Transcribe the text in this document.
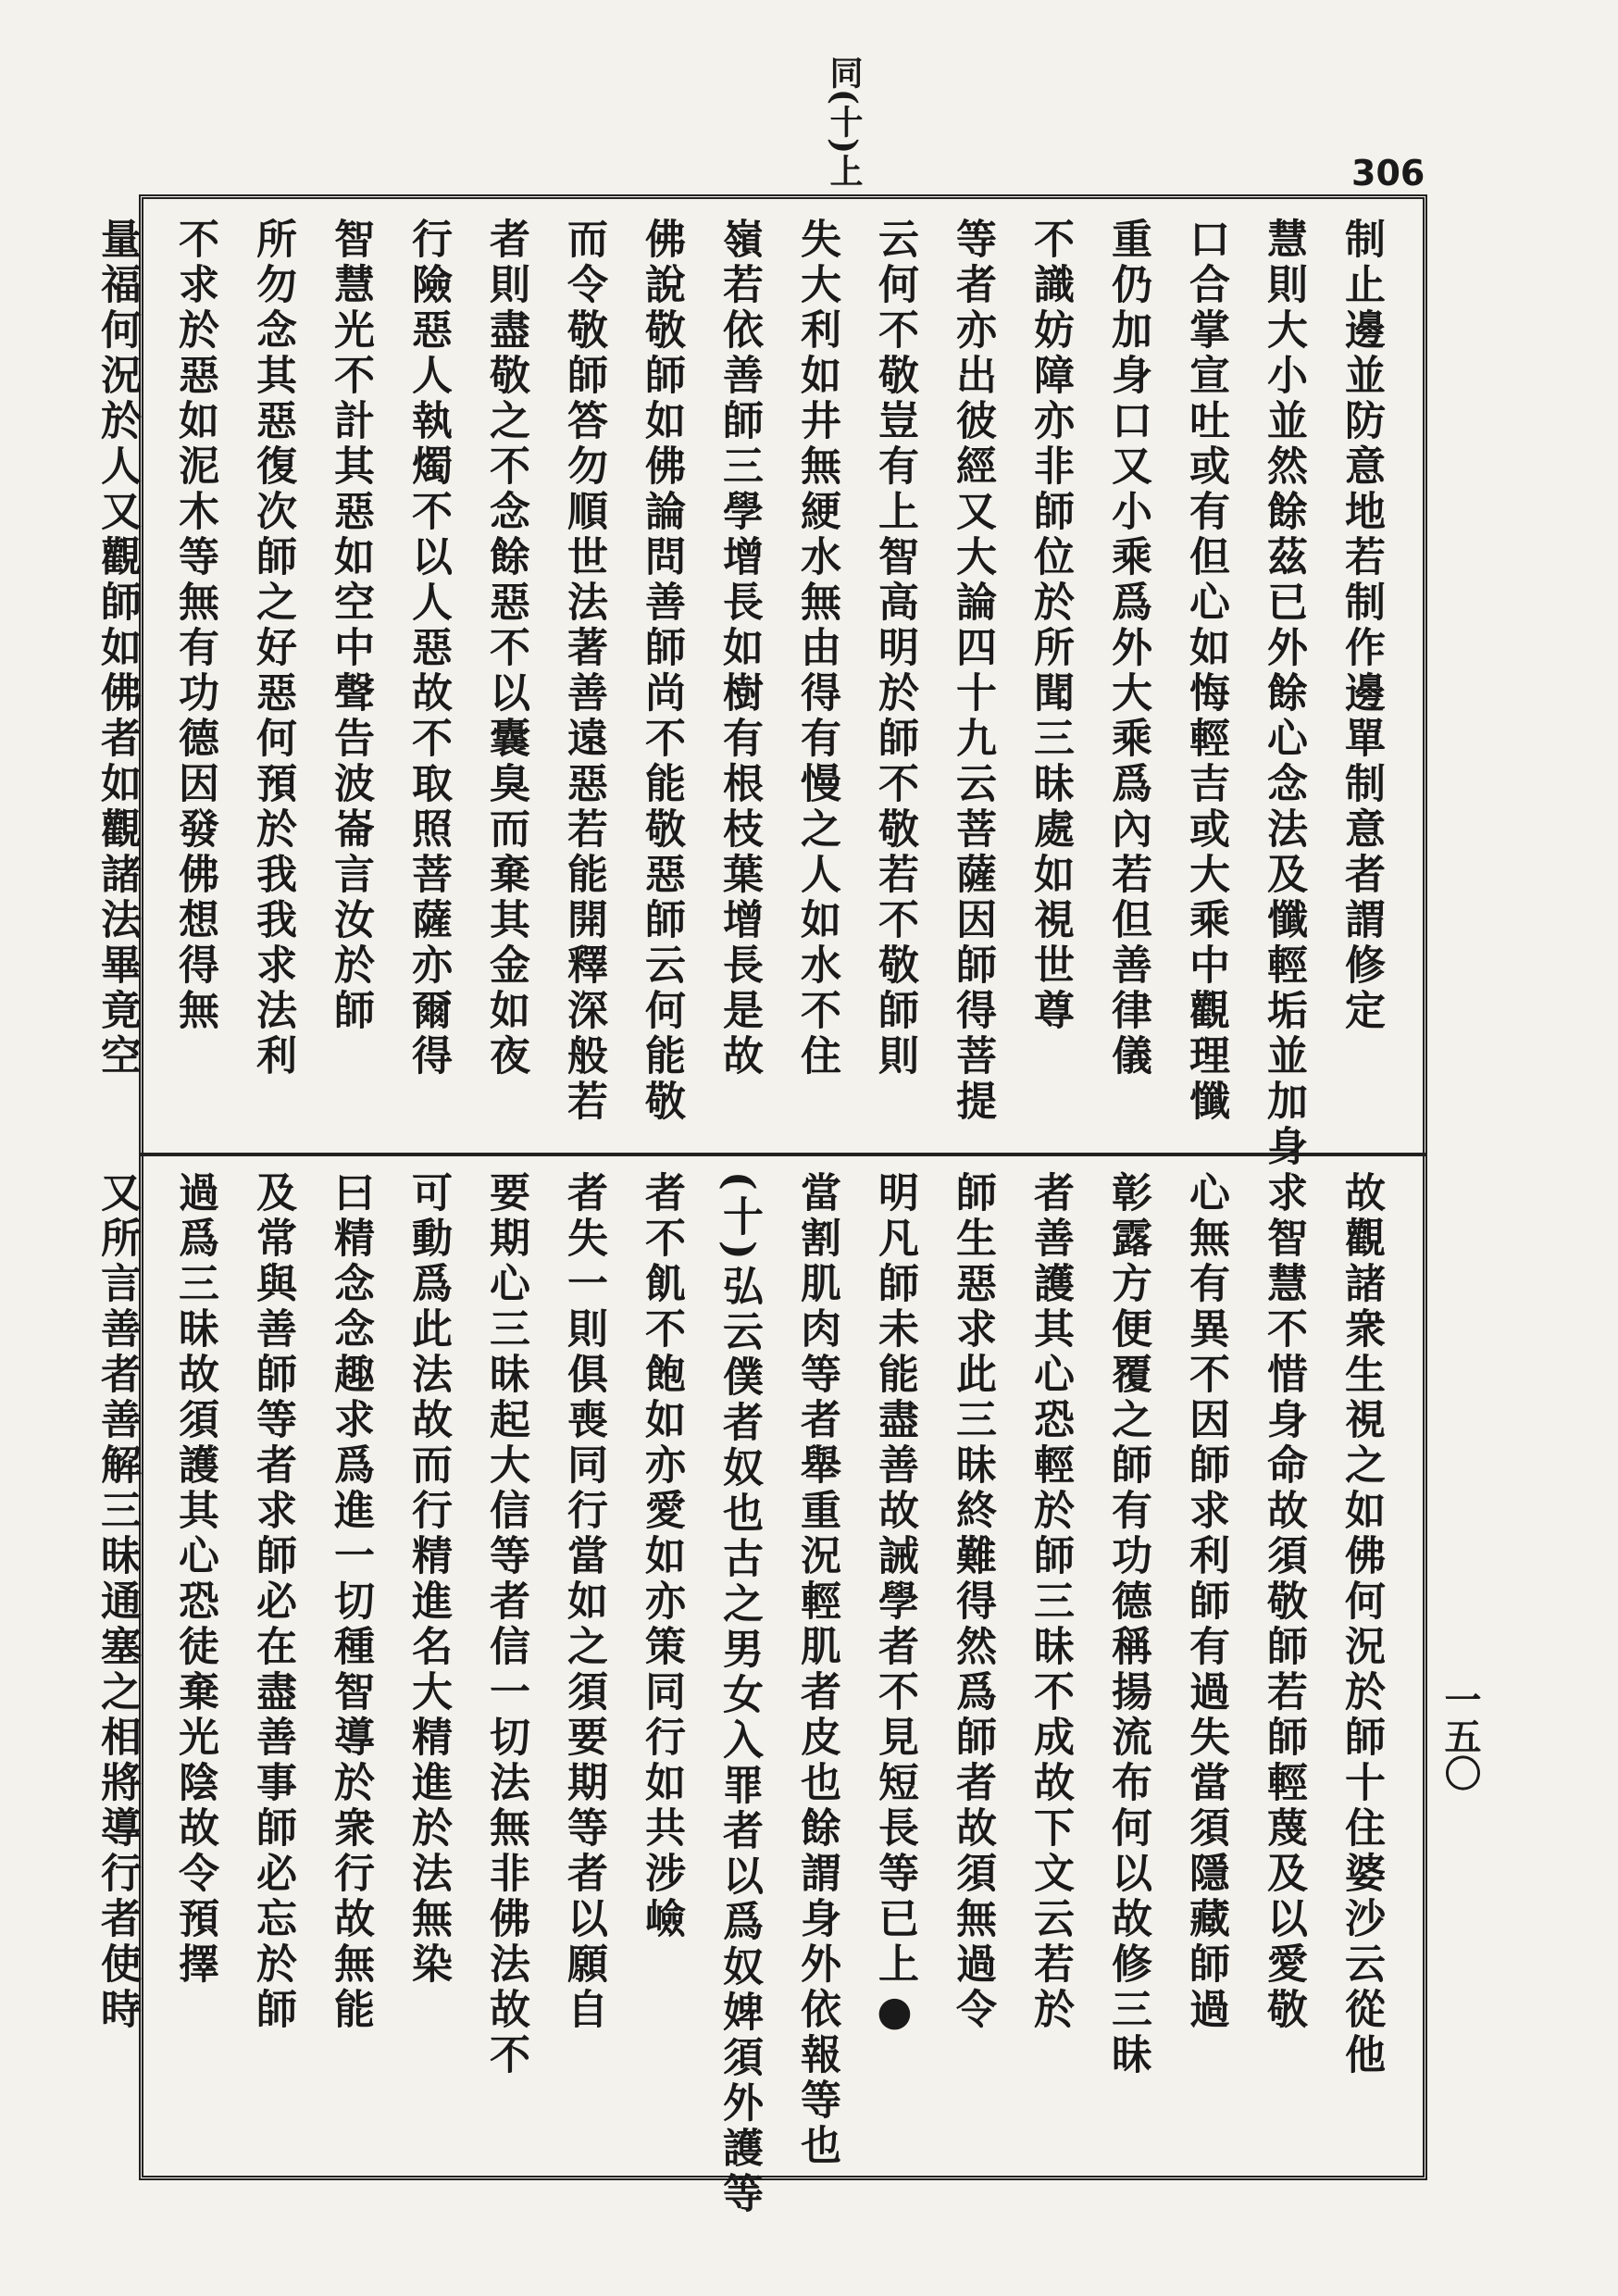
同(十)上	306

制止邊並防意地若制作邊單制意者謂修定

慧則大小並然餘茲已外餘心念法及懺輕垢並加身

口合掌宣吐或有但心如悔輕吉或大乘中觀理懺

重仍加身口又小乘爲外大乘爲內若但善律儀

不識妨障亦非師位於所聞三昧處如視世尊

等者亦出彼經又大論四十九云菩薩因師得菩提

云何不敬豈有上智高明於師不敬若不敬師則

失大利如井無綆水無由得有慢之人如水不住

嶺若依善師三學增長如樹有根枝葉增長是故

佛說敬師如佛論問善師尚不能敬惡師云何能敬

而令敬師答勿順世法著善遠惡若能開釋深般若

者則盡敬之不念餘惡不以囊臭而棄其金如夜

行險惡人執燭不以人惡故不取照菩薩亦爾得

智慧光不計其惡如空中聲告波崙言汝於師

所勿念其惡復次師之好惡何預於我我求法利

不求於惡如泥木等無有功德因發佛想得無

量福何況於人又觀師如佛者如觀諸法畢竟空

故觀諸衆生視之如佛何況於師十住婆沙云從他

求智慧不惜身命故須敬師若師輕蔑及以愛敬

心無有異不因師求利師有過失當須隱藏師過

彰露方便覆之師有功德稱揚流布何以故修三昧

者善護其心恐輕於師三昧不成故下文云若於

師生惡求此三昧終難得然爲師者故須無過令

明凡師未能盡善故誡學者不見短長等已上●

當割肌肉等者舉重況輕肌者皮也餘謂身外依報等也

(十)弘云僕者奴也古之男女入罪者以爲奴婢須外護等

者不飢不飽如亦愛如亦策同行如共涉嶮

者失一則俱喪同行當如之須要期等者以願自

要期心三昧起大信等者信一切法無非佛法故不

可動爲此法故而行精進名大精進於法無染

曰精念念趣求爲進一切種智導於衆行故無能

及常與善師等者求師必在盡善事師必忘於師

過爲三昧故須護其心恐徒棄光陰故令預擇

又所言善者善解三昧通塞之相將導行者使時	一五〇
